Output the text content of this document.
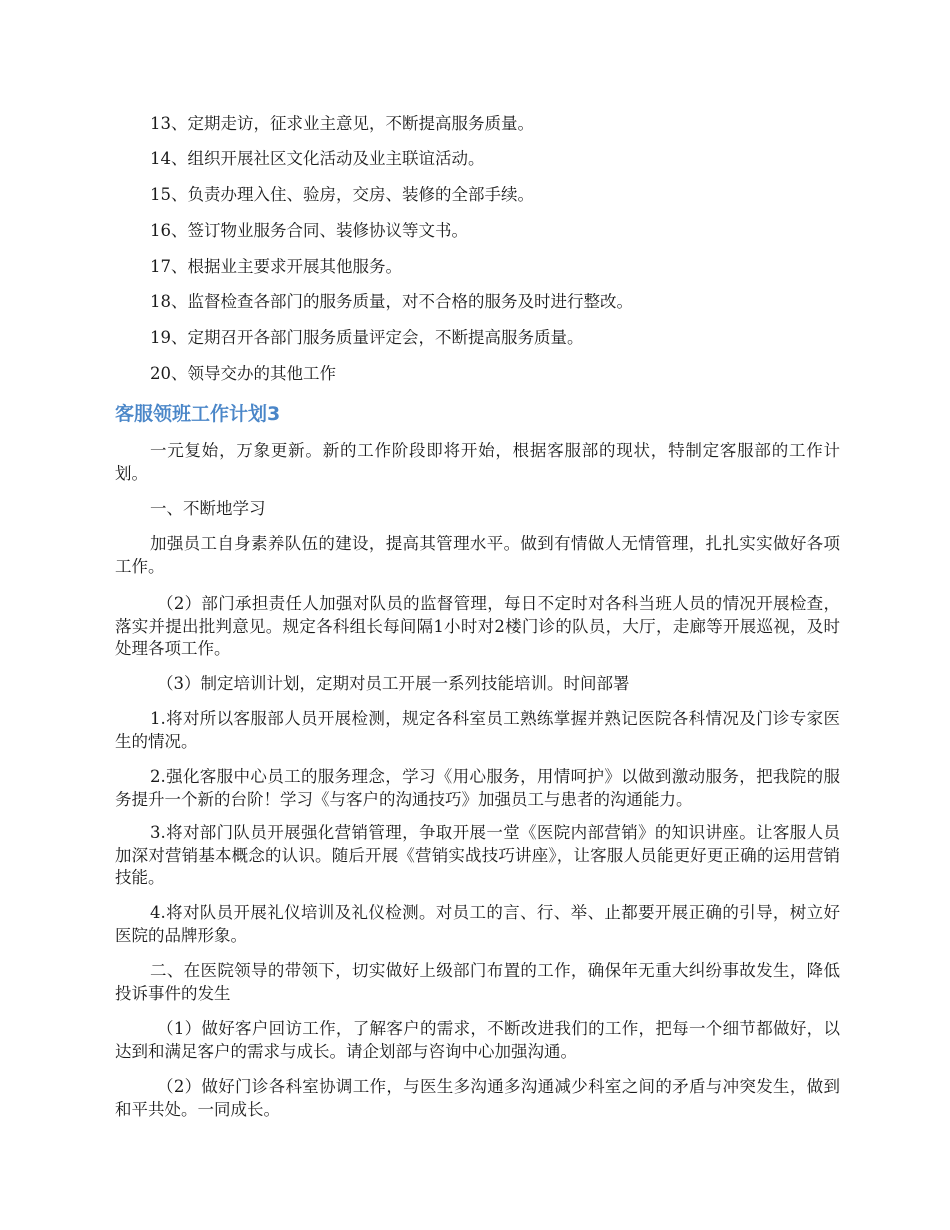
13、定期走访，征求业主意见，不断提高服务质量。
14、组织开展社区文化活动及业主联谊活动。
15、负责办理入住、验房，交房、装修的全部手续。
16、签订物业服务合同、装修协议等文书。
17、根据业主要求开展其他服务。
18、监督检查各部门的服务质量，对不合格的服务及时进行整改。
19、定期召开各部门服务质量评定会，不断提高服务质量。
20、领导交办的其他工作
客服领班工作计划3
一元复始，万象更新。新的工作阶段即将开始，根据客服部的现状，特制定客服部的工作计划。
一、不断地学习
加强员工自身素养队伍的建设，提高其管理水平。做到有情做人无情管理，扎扎实实做好各项工作。
（2）部门承担责任人加强对队员的监督管理，每日不定时对各科当班人员的情况开展检查，落实并提出批判意见。规定各科组长每间隔1小时对2楼门诊的队员，大厅，走廊等开展巡视，及时处理各项工作。
（3）制定培训计划，定期对员工开展一系列技能培训。时间部署
1.将对所以客服部人员开展检测，规定各科室员工熟练掌握并熟记医院各科情况及门诊专家医生的情况。
2.强化客服中心员工的服务理念，学习《用心服务，用情呵护》以做到激动服务，把我院的服务提升一个新的台阶！学习《与客户的沟通技巧》加强员工与患者的沟通能力。
3.将对部门队员开展强化营销管理，争取开展一堂《医院内部营销》的知识讲座。让客服人员加深对营销基本概念的认识。随后开展《营销实战技巧讲座》，让客服人员能更好更正确的运用营销技能。
4.将对队员开展礼仪培训及礼仪检测。对员工的言、行、举、止都要开展正确的引导，树立好医院的品牌形象。
二、在医院领导的带领下，切实做好上级部门布置的工作，确保年无重大纠纷事故发生，降低投诉事件的发生
（1）做好客户回访工作，了解客户的需求，不断改进我们的工作，把每一个细节都做好，以达到和满足客户的需求与成长。请企划部与咨询中心加强沟通。
（2）做好门诊各科室协调工作，与医生多沟通多沟通减少科室之间的矛盾与冲突发生，做到和平共处。一同成长。
